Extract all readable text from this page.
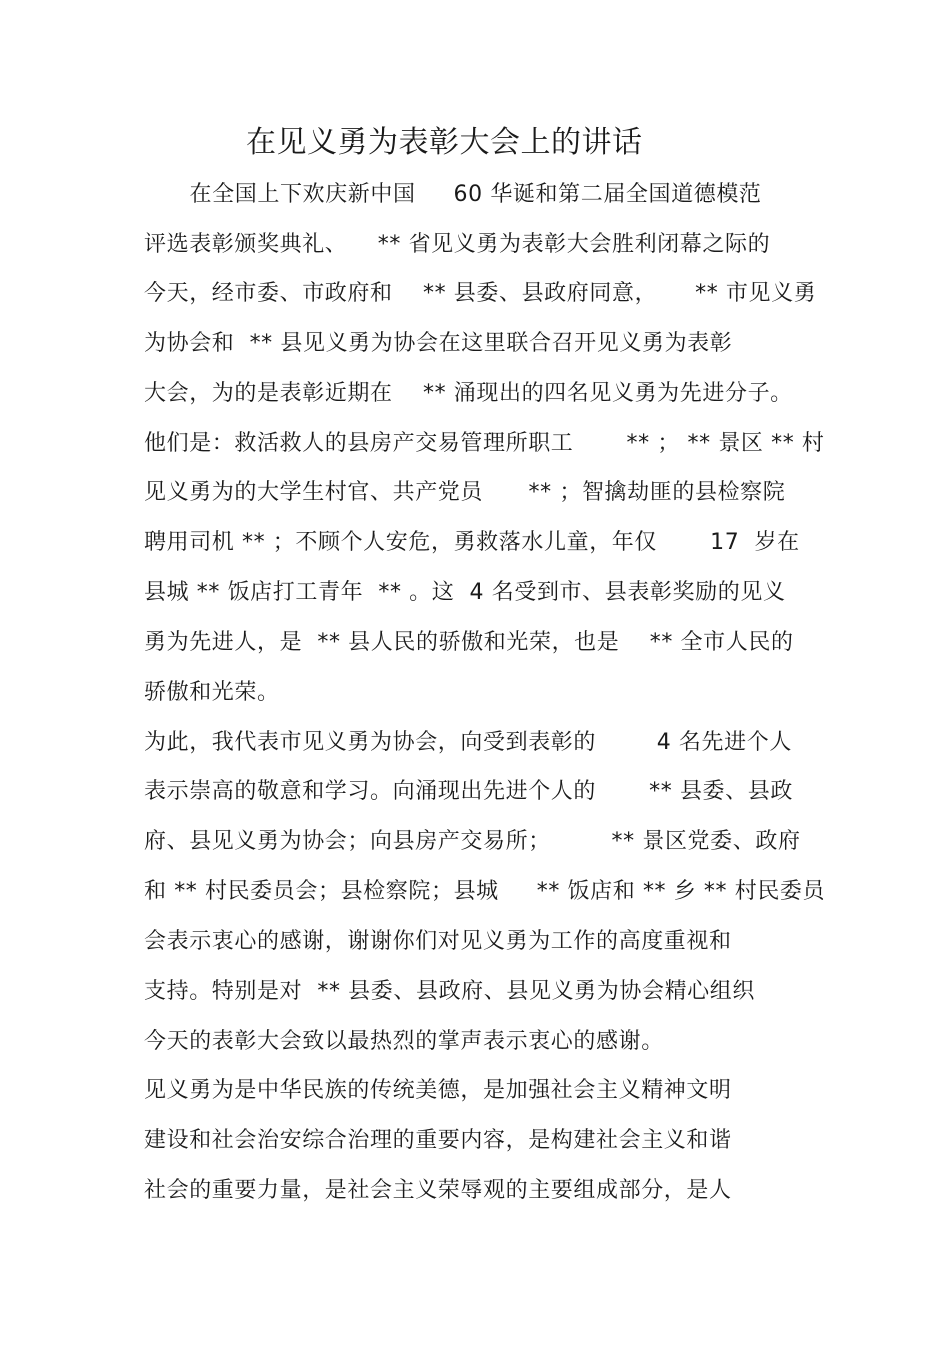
在见义勇为表彰大会上的讲话
在全国上下欢庆新中国     60 华诞和第二届全国道德模范
评选表彰颁奖典礼、    ** 省见义勇为表彰大会胜利闭幕之际的
今天，经市委、市政府和    ** 县委、县政府同意，     ** 市见义勇
为协会和  ** 县见义勇为协会在这里联合召开见义勇为表彰
大会，为的是表彰近期在    ** 涌现出的四名见义勇为先进分子。
他们是：救活救人的县房产交易管理所职工       ** ； ** 景区 ** 村
见义勇为的大学生村官、共产党员      ** ；智擒劫匪的县检察院
聘用司机 ** ；不顾个人安危，勇救落水儿童，年仅       17  岁在
县城 ** 饭店打工青年  ** 。这  4 名受到市、县表彰奖励的见义
勇为先进人，是  ** 县人民的骄傲和光荣，也是    ** 全市人民的
骄傲和光荣。
为此，我代表市见义勇为协会，向受到表彰的        4 名先进个人
表示崇高的敬意和学习。向涌现出先进个人的       ** 县委、县政
府、县见义勇为协会；向县房产交易所；        ** 景区党委、政府
和 ** 村民委员会；县检察院；县城     ** 饭店和 ** 乡 ** 村民委员
会表示衷心的感谢，谢谢你们对见义勇为工作的高度重视和
支持。特别是对  ** 县委、县政府、县见义勇为协会精心组织
今天的表彰大会致以最热烈的掌声表示衷心的感谢。
见义勇为是中华民族的传统美德，是加强社会主义精神文明
建设和社会治安综合治理的重要内容，是构建社会主义和谐
社会的重要力量，是社会主义荣辱观的主要组成部分，是人
